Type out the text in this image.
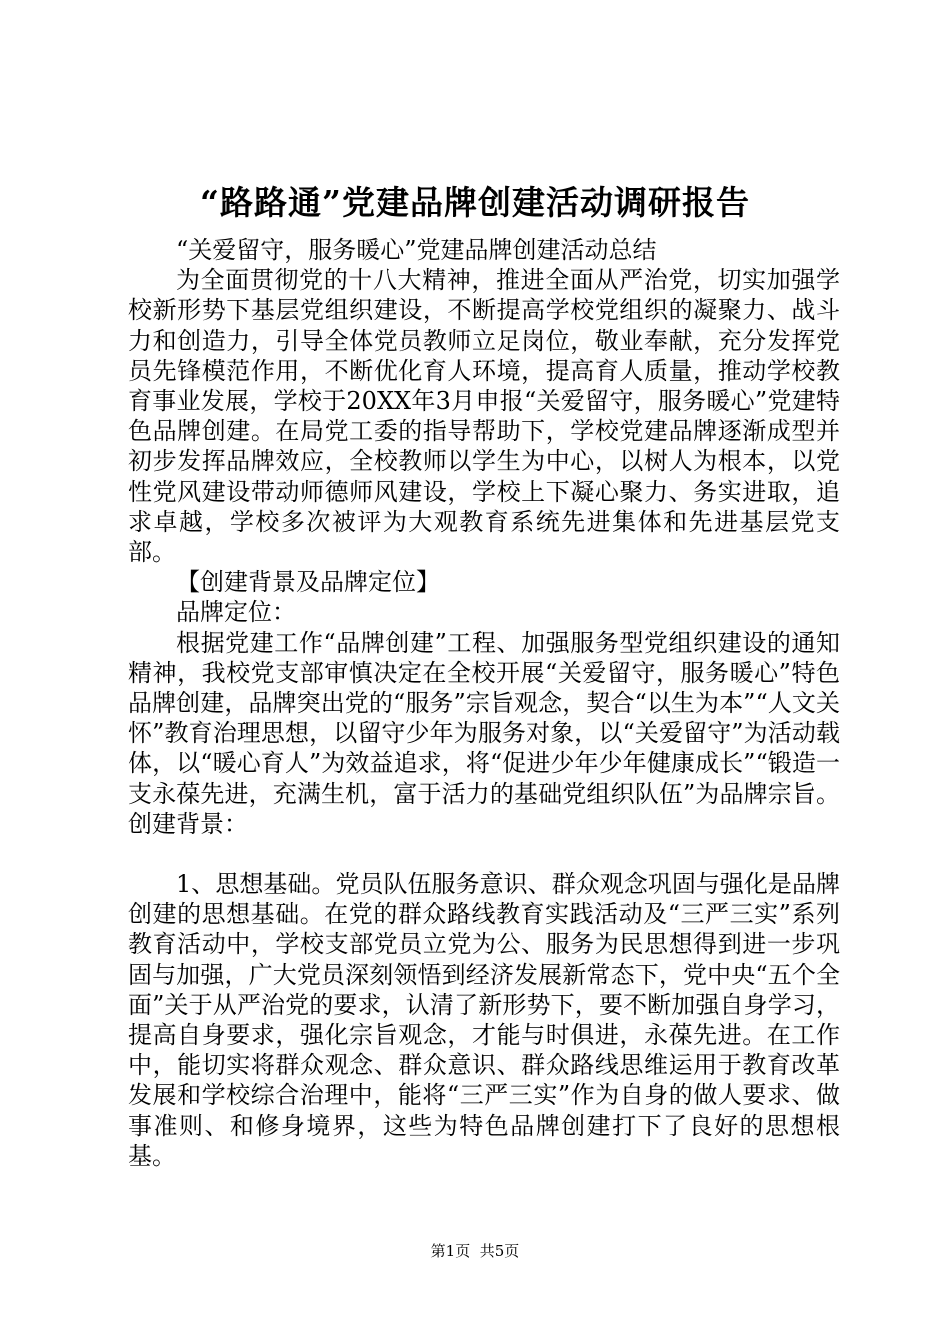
“路路通”党建品牌创建活动调研报告

“关爱留守，服务暖心”党建品牌创建活动总结

为全面贯彻党的十八大精神，推进全面从严治党，切实加强学校新形势下基层党组织建设，不断提高学校党组织的凝聚力、战斗力和创造力，引导全体党员教师立足岗位，敬业奉献，充分发挥党员先锋模范作用，不断优化育人环境，提高育人质量，推动学校教育事业发展，学校于20XX年3月申报“关爱留守，服务暖心”党建特色品牌创建。在局党工委的指导帮助下，学校党建品牌逐渐成型并初步发挥品牌效应，全校教师以学生为中心，以树人为根本，以党性党风建设带动师德师风建设，学校上下凝心聚力、务实进取，追求卓越，学校多次被评为大观教育系统先进集体和先进基层党支部。

【创建背景及品牌定位】

品牌定位：

根据党建工作“品牌创建”工程、加强服务型党组织建设的通知精神，我校党支部审慎决定在全校开展“关爱留守，服务暖心”特色品牌创建，品牌突出党的“服务”宗旨观念，契合“以生为本”“人文关怀”教育治理思想，以留守少年为服务对象，以“关爱留守”为活动载体，以“暖心育人”为效益追求，将“促进少年少年健康成长”“锻造一支永葆先进，充满生机，富于活力的基础党组织队伍”为品牌宗旨。创建背景：

1、思想基础。党员队伍服务意识、群众观念巩固与强化是品牌创建的思想基础。在党的群众路线教育实践活动及“三严三实”系列教育活动中，学校支部党员立党为公、服务为民思想得到进一步巩固与加强，广大党员深刻领悟到经济发展新常态下，党中央“五个全面”关于从严治党的要求，认清了新形势下，要不断加强自身学习，提高自身要求，强化宗旨观念，才能与时俱进，永葆先进。在工作中，能切实将群众观念、群众意识、群众路线思维运用于教育改革发展和学校综合治理中，能将“三严三实”作为自身的做人要求、做事准则、和修身境界，这些为特色品牌创建打下了良好的思想根基。

第1页 共5页
